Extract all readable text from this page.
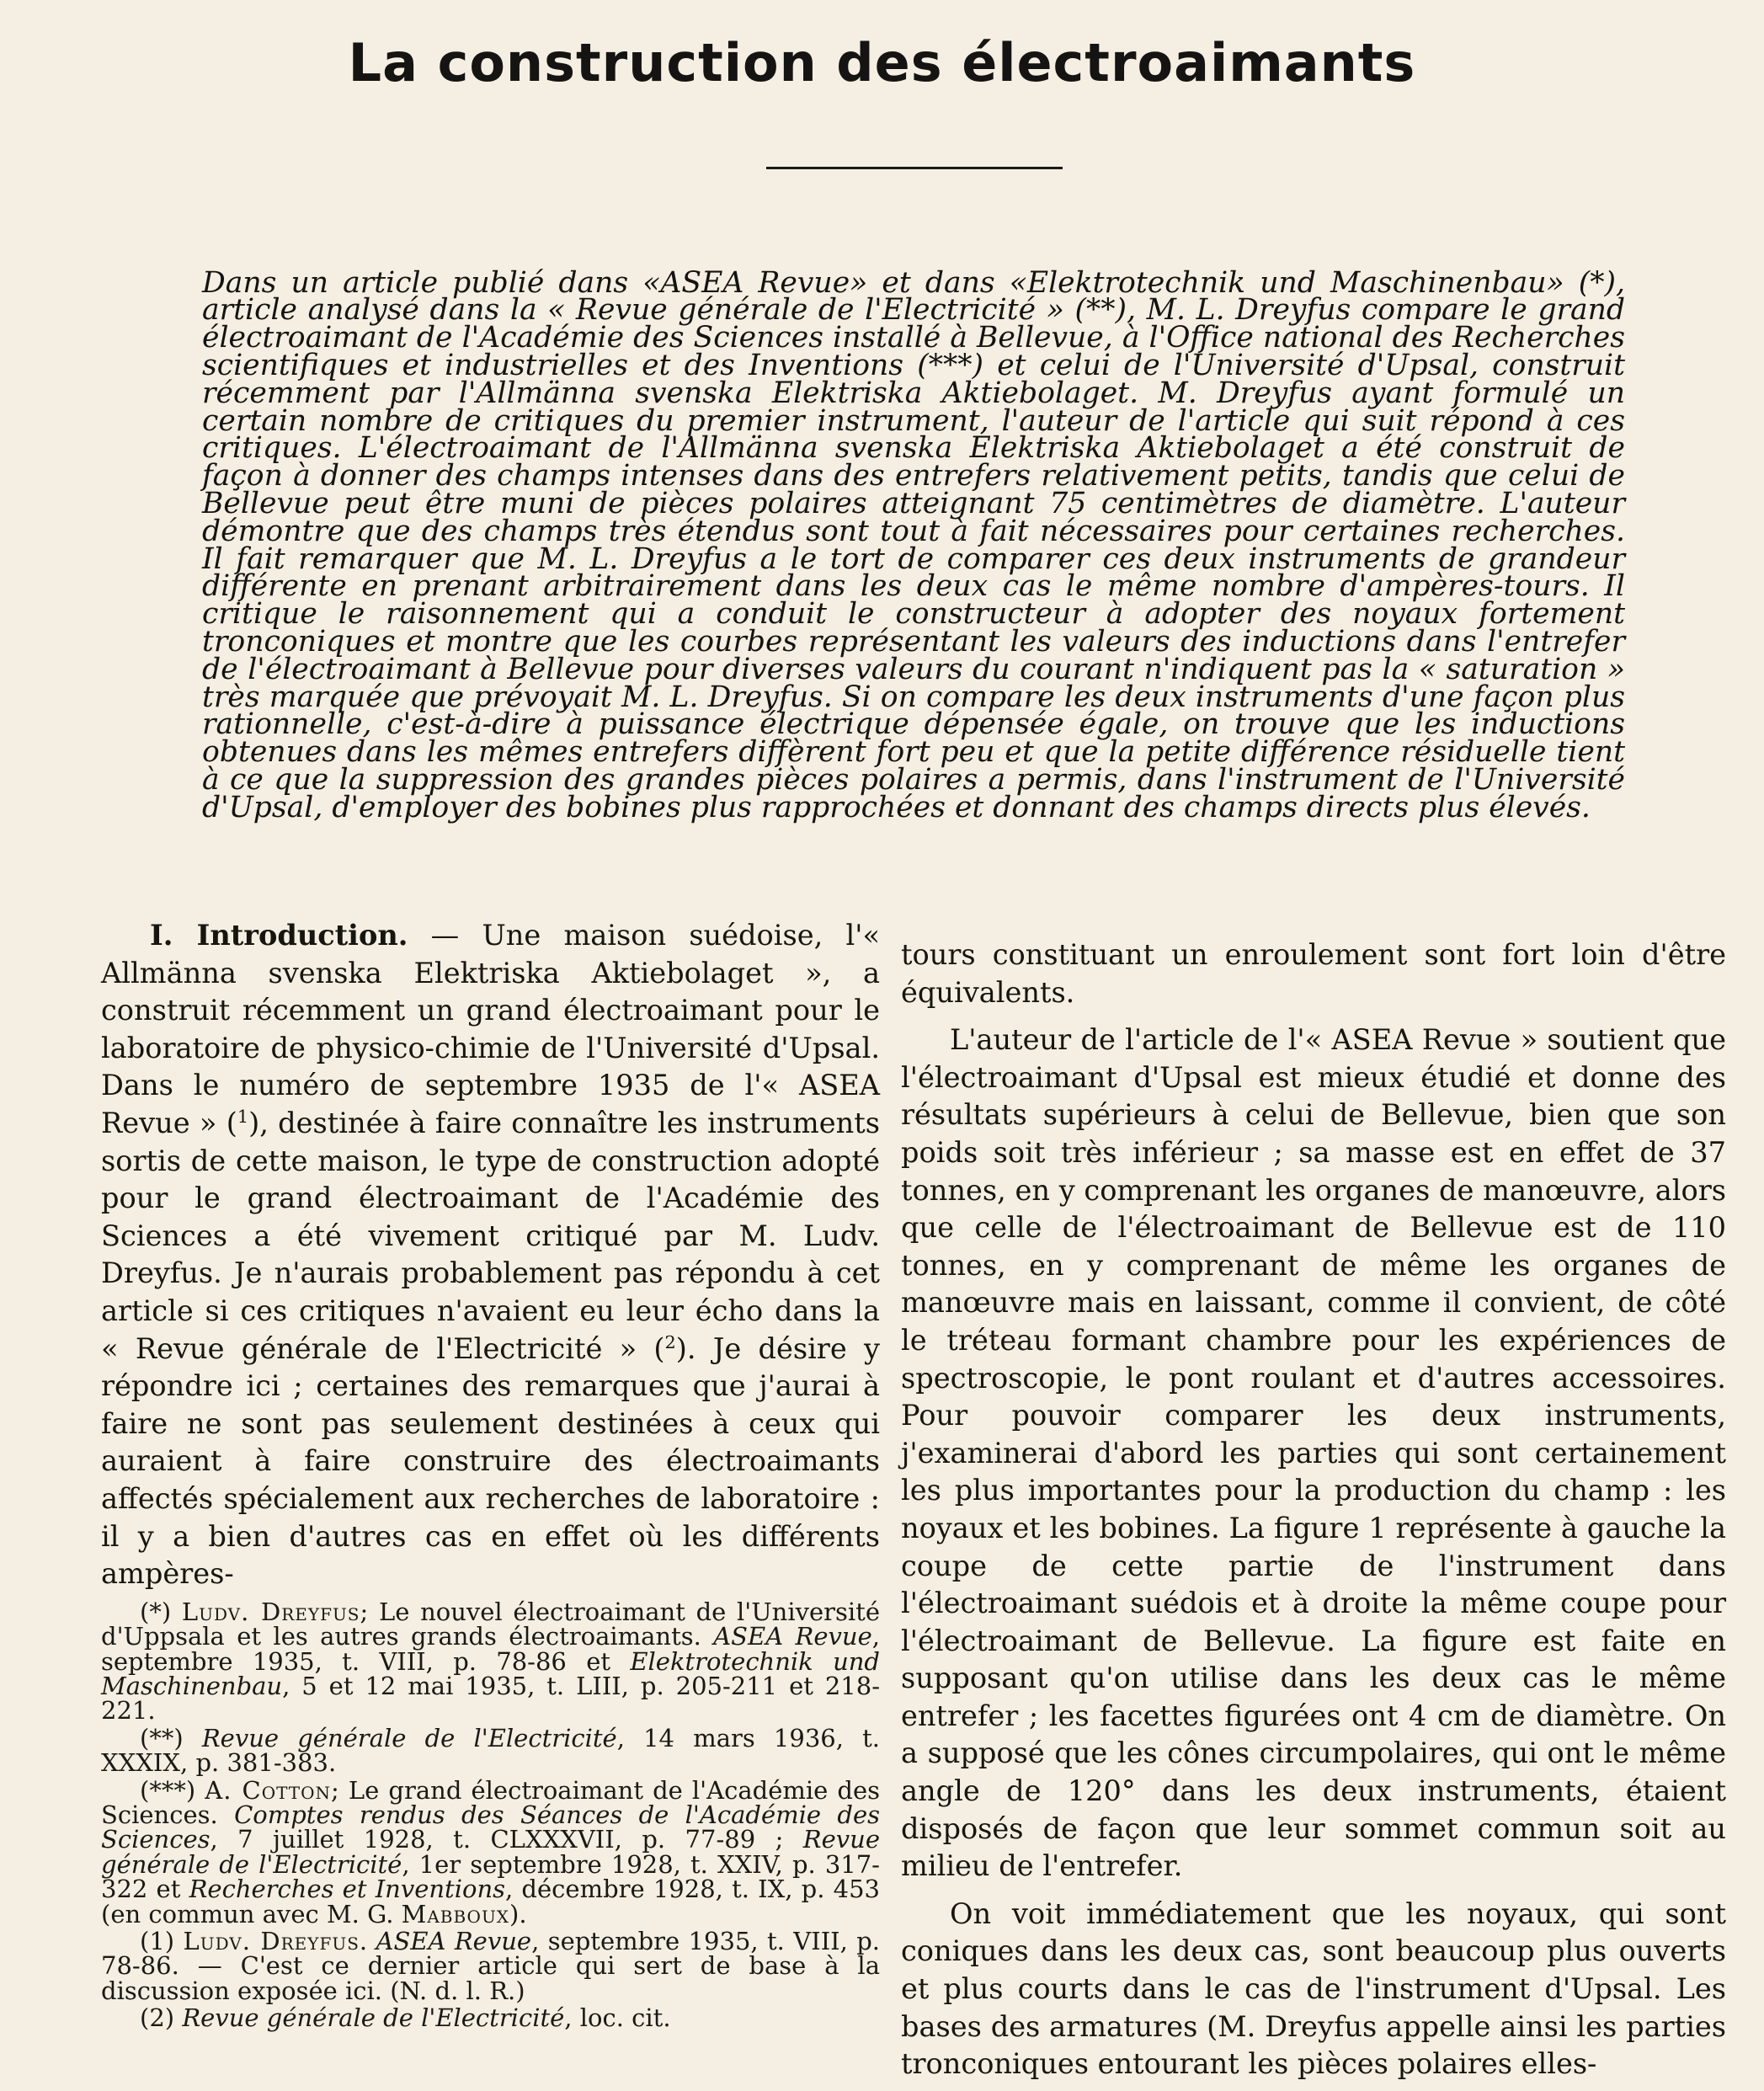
La construction des électroaimants

Dans un article publié dans «ASEA Revue» et dans «Elektrotechnik und Maschinenbau» (*), article analysé dans la « Revue générale de l'Electricité » (**), M. L. Dreyfus compare le grand électroaimant de l'Académie des Sciences installé à Bellevue, à l'Office national des Recherches scientifiques et industrielles et des Inventions (***) et celui de l'Université d'Upsal, construit récemment par l'Allmänna svenska Elektriska Aktiebolaget. M. Dreyfus ayant formulé un certain nombre de critiques du premier instrument, l'auteur de l'article qui suit répond à ces critiques. L'électroaimant de l'Allmänna svenska Elektriska Aktiebolaget a été construit de façon à donner des champs intenses dans des entrefers relativement petits, tandis que celui de Bellevue peut être muni de pièces polaires atteignant 75 centimètres de diamètre. L'auteur démontre que des champs très étendus sont tout à fait nécessaires pour certaines recherches. Il fait remarquer que M. L. Dreyfus a le tort de comparer ces deux instruments de grandeur différente en prenant arbitrairement dans les deux cas le même nombre d'ampères-tours. Il critique le raisonnement qui a conduit le constructeur à adopter des noyaux fortement tronconiques et montre que les courbes représentant les valeurs des inductions dans l'entrefer de l'électroaimant à Bellevue pour diverses valeurs du courant n'indiquent pas la « saturation » très marquée que prévoyait M. L. Dreyfus. Si on compare les deux instruments d'une façon plus rationnelle, c'est-à-dire à puissance électrique dépensée égale, on trouve que les inductions obtenues dans les mêmes entrefers diffèrent fort peu et que la petite différence résiduelle tient à ce que la suppression des grandes pièces polaires a permis, dans l'instrument de l'Université d'Upsal, d'employer des bobines plus rapprochées et donnant des champs directs plus élevés.

I. Introduction. — Une maison suédoise, l'« Allmänna svenska Elektriska Aktiebolaget », a construit récemment un grand électroaimant pour le laboratoire de physico-chimie de l'Université d'Upsal. Dans le numéro de septembre 1935 de l'« ASEA Revue » ($^1$), destinée à faire connaître les instruments sortis de cette maison, le type de construction adopté pour le grand électroaimant de l'Académie des Sciences a été vivement critiqué par M. Ludv. Dreyfus. Je n'aurais probablement pas répondu à cet article si ces critiques n'avaient eu leur écho dans la « Revue générale de l'Electricité » ($^2$). Je désire y répondre ici ; certaines des remarques que j'aurai à faire ne sont pas seulement destinées à ceux qui auraient à faire construire des électroaimants affectés spécialement aux recherches de laboratoire : il y a bien d'autres cas en effet où les différents ampères-

(*) Ludv. Dreyfus; Le nouvel électroaimant de l'Université d'Uppsala et les autres grands électroaimants. ASEA Revue, septembre 1935, t. VIII, p. 78-86 et Elektrotechnik und Maschinenbau, 5 et 12 mai 1935, t. LIII, p. 205-211 et 218-221.

(**) Revue générale de l'Electricité, 14 mars 1936, t. XXXIX, p. 381-383.

(***) A. Cotton; Le grand électroaimant de l'Académie des Sciences. Comptes rendus des Séances de l'Académie des Sciences, 7 juillet 1928, t. CLXXXVII, p. 77-89 ; Revue générale de l'Electricité, 1er septembre 1928, t. XXIV, p. 317-322 et Recherches et Inventions, décembre 1928, t. IX, p. 453 (en commun avec M. G. Mabboux).

(1) Ludv. Dreyfus. ASEA Revue, septembre 1935, t. VIII, p. 78-86. — C'est ce dernier article qui sert de base à la discussion exposée ici. (N. d. l. R.)

(2) Revue générale de l'Electricité, loc. cit.

tours constituant un enroulement sont fort loin d'être équivalents.

L'auteur de l'article de l'« ASEA Revue » soutient que l'électroaimant d'Upsal est mieux étudié et donne des résultats supérieurs à celui de Bellevue, bien que son poids soit très inférieur ; sa masse est en effet de 37 tonnes, en y comprenant les organes de manœuvre, alors que celle de l'électroaimant de Bellevue est de 110 tonnes, en y comprenant de même les organes de manœuvre mais en laissant, comme il convient, de côté le tréteau formant chambre pour les expériences de spectroscopie, le pont roulant et d'autres accessoires. Pour pouvoir comparer les deux instruments, j'examinerai d'abord les parties qui sont certainement les plus importantes pour la production du champ : les noyaux et les bobines. La figure 1 représente à gauche la coupe de cette partie de l'instrument dans l'électroaimant suédois et à droite la même coupe pour l'électroaimant de Bellevue. La figure est faite en supposant qu'on utilise dans les deux cas le même entrefer ; les facettes figurées ont 4 cm de diamètre. On a supposé que les cônes circumpolaires, qui ont le même angle de 120° dans les deux instruments, étaient disposés de façon que leur sommet commun soit au milieu de l'entrefer.

On voit immédiatement que les noyaux, qui sont coniques dans les deux cas, sont beaucoup plus ouverts et plus courts dans le cas de l'instrument d'Upsal. Les bases des armatures (M. Dreyfus appelle ainsi les parties tronconiques entourant les pièces polaires elles-
